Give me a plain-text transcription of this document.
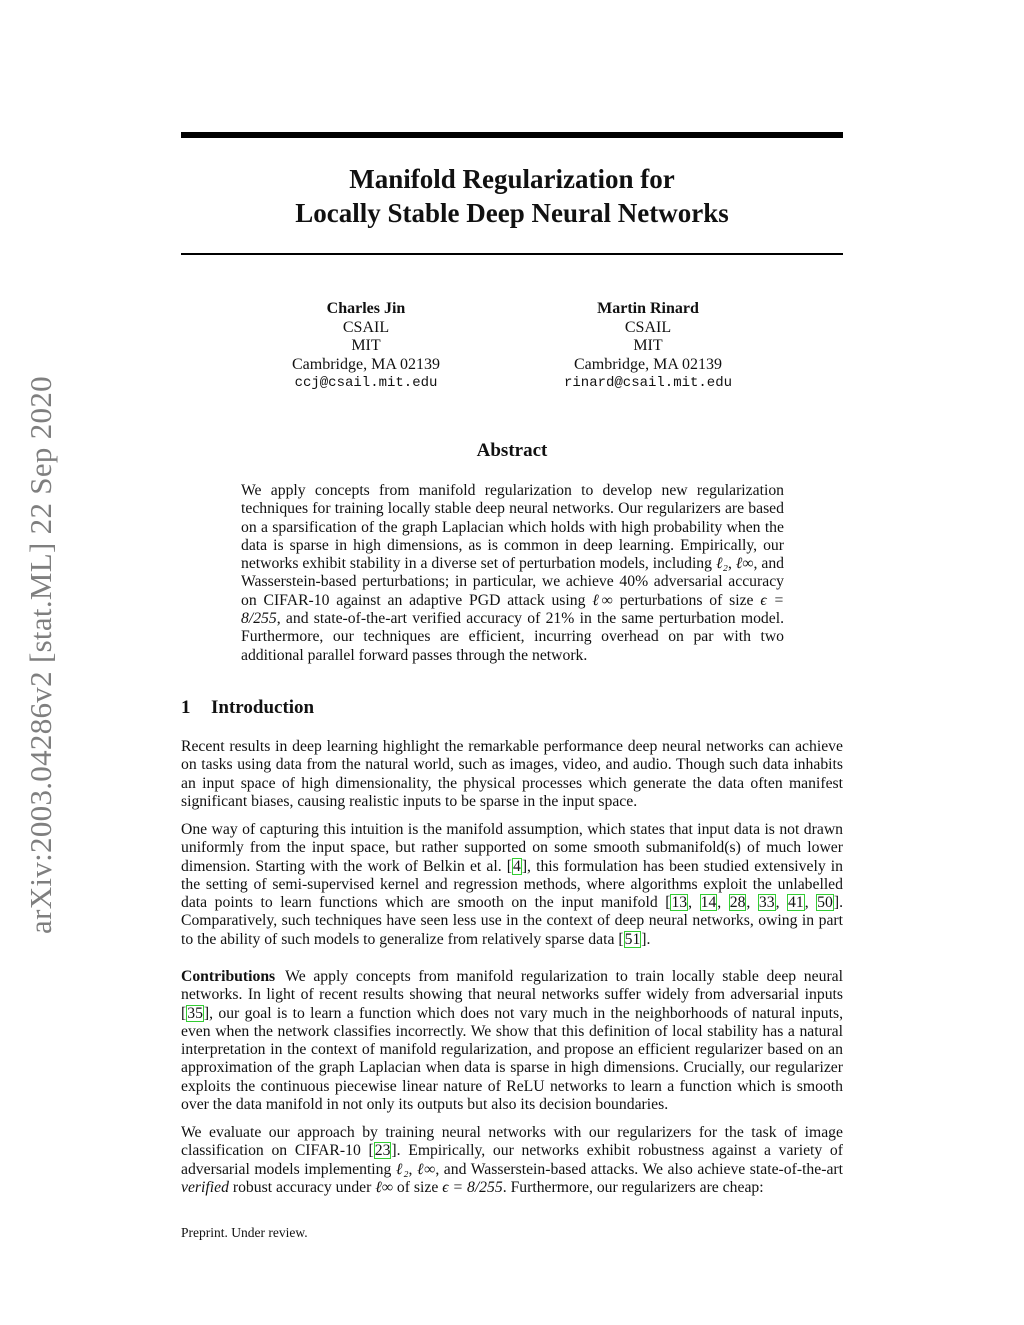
arXiv:2003.04286v2 [stat.ML] 22 Sep 2020
Manifold Regularization for
Locally Stable Deep Neural Networks
Charles Jin
CSAIL
MIT
Cambridge, MA 02139
ccj@csail.mit.edu
Martin Rinard
CSAIL
MIT
Cambridge, MA 02139
rinard@csail.mit.edu
Abstract

We apply concepts from manifold regularization to develop new regularization techniques for training locally stable deep neural networks. Our regularizers are based on a sparsification of the graph Laplacian which holds with high probability when the data is sparse in high dimensions, as is common in deep learning. Empirically, our networks exhibit stability in a diverse set of perturbation models, including ℓ₂, ℓ∞, and Wasserstein-based perturbations; in particular, we achieve 40% adversarial accuracy on CIFAR-10 against an adaptive PGD attack using ℓ∞ perturbations of size ϵ = 8/255, and state-of-the-art verified accuracy of 21% in the same perturbation model. Furthermore, our techniques are efficient, incurring overhead on par with two additional parallel forward passes through the network.

1 Introduction

Recent results in deep learning highlight the remarkable performance deep neural networks can achieve on tasks using data from the natural world, such as images, video, and audio. Though such data inhabits an input space of high dimensionality, the physical processes which generate the data often manifest significant biases, causing realistic inputs to be sparse in the input space.

One way of capturing this intuition is the manifold assumption, which states that input data is not drawn uniformly from the input space, but rather supported on some smooth submanifold(s) of much lower dimension. Starting with the work of Belkin et al. [4], this formulation has been studied extensively in the setting of semi-supervised kernel and regression methods, where algorithms exploit the unlabelled data points to learn functions which are smooth on the input manifold [13, 14, 28, 33, 41, 50]. Comparatively, such techniques have seen less use in the context of deep neural networks, owing in part to the ability of such models to generalize from relatively sparse data [51].

Contributions We apply concepts from manifold regularization to train locally stable deep neural networks. In light of recent results showing that neural networks suffer widely from adversarial inputs [35], our goal is to learn a function which does not vary much in the neighborhoods of natural inputs, even when the network classifies incorrectly. We show that this definition of local stability has a natural interpretation in the context of manifold regularization, and propose an efficient regularizer based on an approximation of the graph Laplacian when data is sparse in high dimensions. Crucially, our regularizer exploits the continuous piecewise linear nature of ReLU networks to learn a function which is smooth over the data manifold in not only its outputs but also its decision boundaries.

We evaluate our approach by training neural networks with our regularizers for the task of image classification on CIFAR-10 [23]. Empirically, our networks exhibit robustness against a variety of adversarial models implementing ℓ₂, ℓ∞, and Wasserstein-based attacks. We also achieve state-of-the-art verified robust accuracy under ℓ∞ of size ϵ = 8/255. Furthermore, our regularizers are cheap:

Preprint. Under review.
